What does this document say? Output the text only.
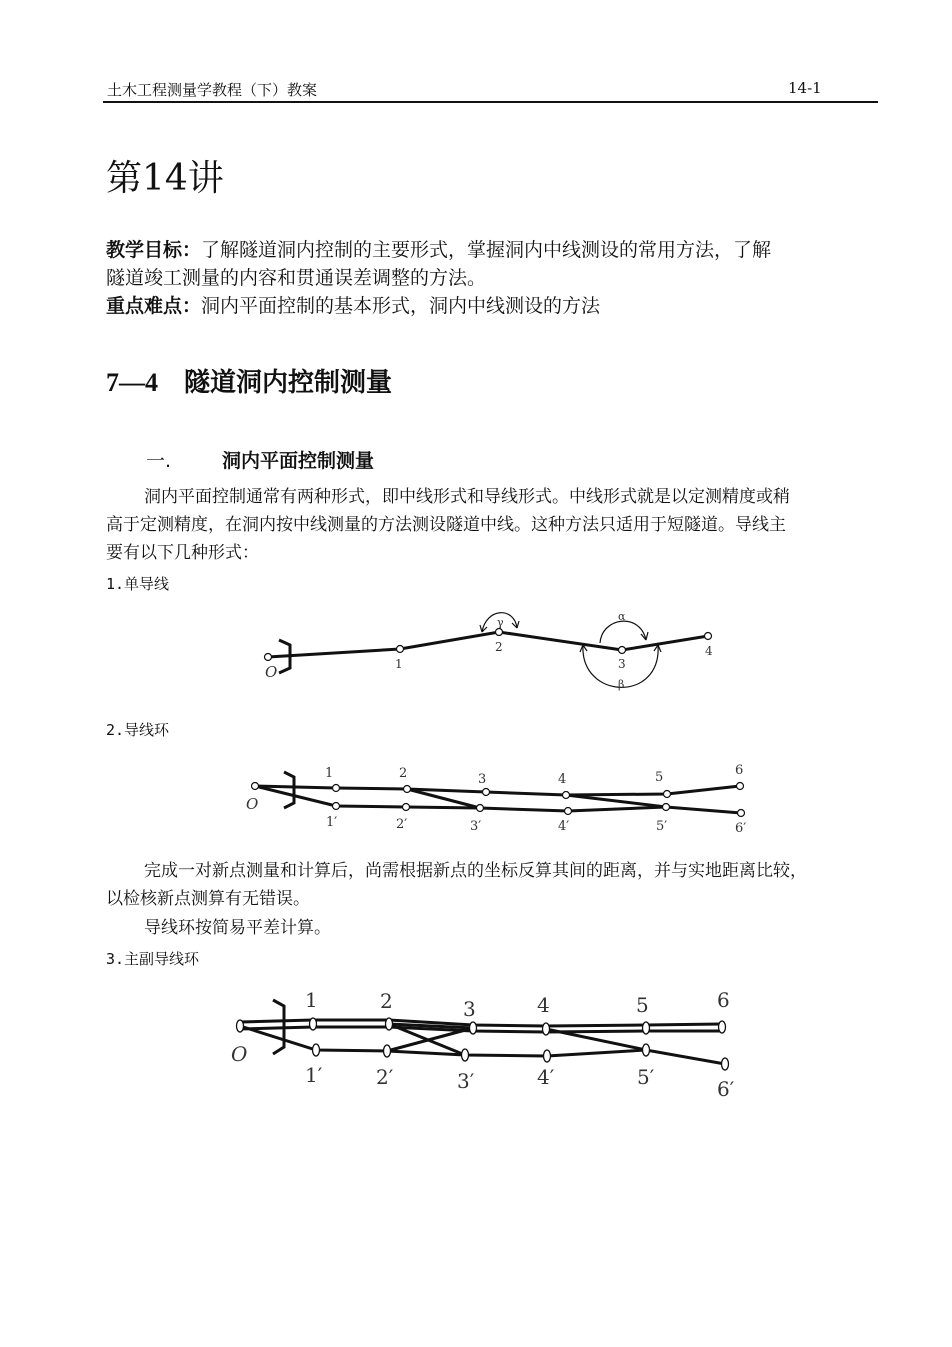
土木工程测量学教程（下）教案	14-1
第14讲
教学目标：了解隧道洞内控制的主要形式，掌握洞内中线测设的常用方法，了解
隧道竣工测量的内容和贯通误差调整的方法。
重点难点：洞内平面控制的基本形式，洞内中线测设的方法
7—4 隧道洞内控制测量
一.	洞内平面控制测量
洞内平面控制通常有两种形式，即中线形式和导线形式。中线形式就是以定测精度或稍
高于定测精度，在洞内按中线测量的方法测设隧道中线。这种方法只适用于短隧道。导线主
要有以下几种形式：
1.单导线
O	1
2
3
4
γ	α
β
2.导线环
O
1	2	3	4	5	6
1′	2′	3′	4′	5′	6′
完成一对新点测量和计算后，尚需根据新点的坐标反算其间的距离，并与实地距离比较，
以检核新点测算有无错误。
导线环按简易平差计算。
3.主副导线环
O
1	2	3	4	5	6
1′	2′	3′	4′	5′	6′
